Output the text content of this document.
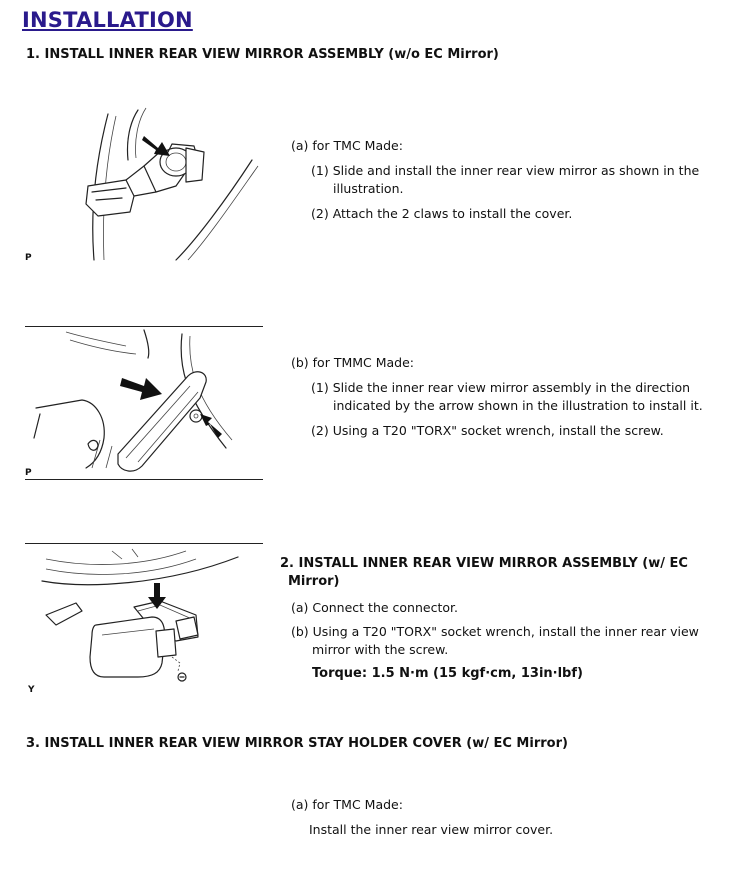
INSTALLATION
1. INSTALL INNER REAR VIEW MIRROR ASSEMBLY (w/o EC Mirror)
P
(a) for TMC Made:
(1) Slide and install the inner rear view mirror as shown in the
illustration.
(2) Attach the 2 claws to install the cover.
P
(b) for TMMC Made:
(1) Slide the inner rear view mirror assembly in the direction
indicated by the arrow shown in the illustration to install it.
(2) Using a T20 "TORX" socket wrench, install the screw.
Y
2. INSTALL INNER REAR VIEW MIRROR ASSEMBLY (w/ EC
Mirror)
(a) Connect the connector.
(b) Using a T20 "TORX" socket wrench, install the inner rear view
mirror with the screw.
Torque: 1.5 N·m (15 kgf·cm, 13in·lbf)
3. INSTALL INNER REAR VIEW MIRROR STAY HOLDER COVER (w/ EC Mirror)
(a) for TMC Made:
Install the inner rear view mirror cover.
